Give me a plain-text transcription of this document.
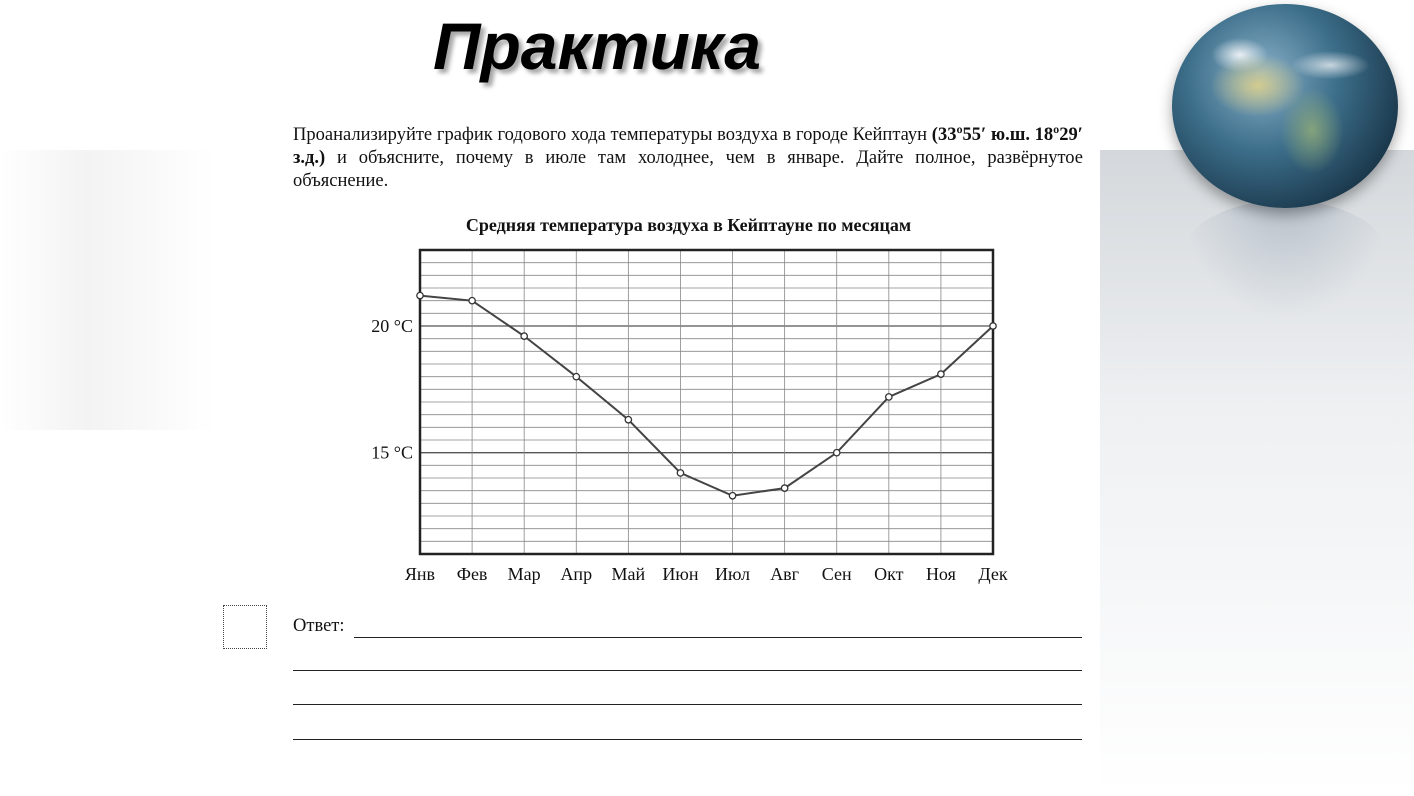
Практика
Проанализируйте график годового хода температуры воздуха в городе Кейптаун (33º55′ ю.ш. 18º29′ з.д.) и объясните, почему в июле там холоднее, чем в январе. Дайте полное, развёрнутое объяснение.
Средняя температура воздуха в Кейптауне по месяцам
Янв Фев Мар Апр Май Июн Июл Авг Сен Окт Ноя Дек
15 °C
20 °C
Ответ:
